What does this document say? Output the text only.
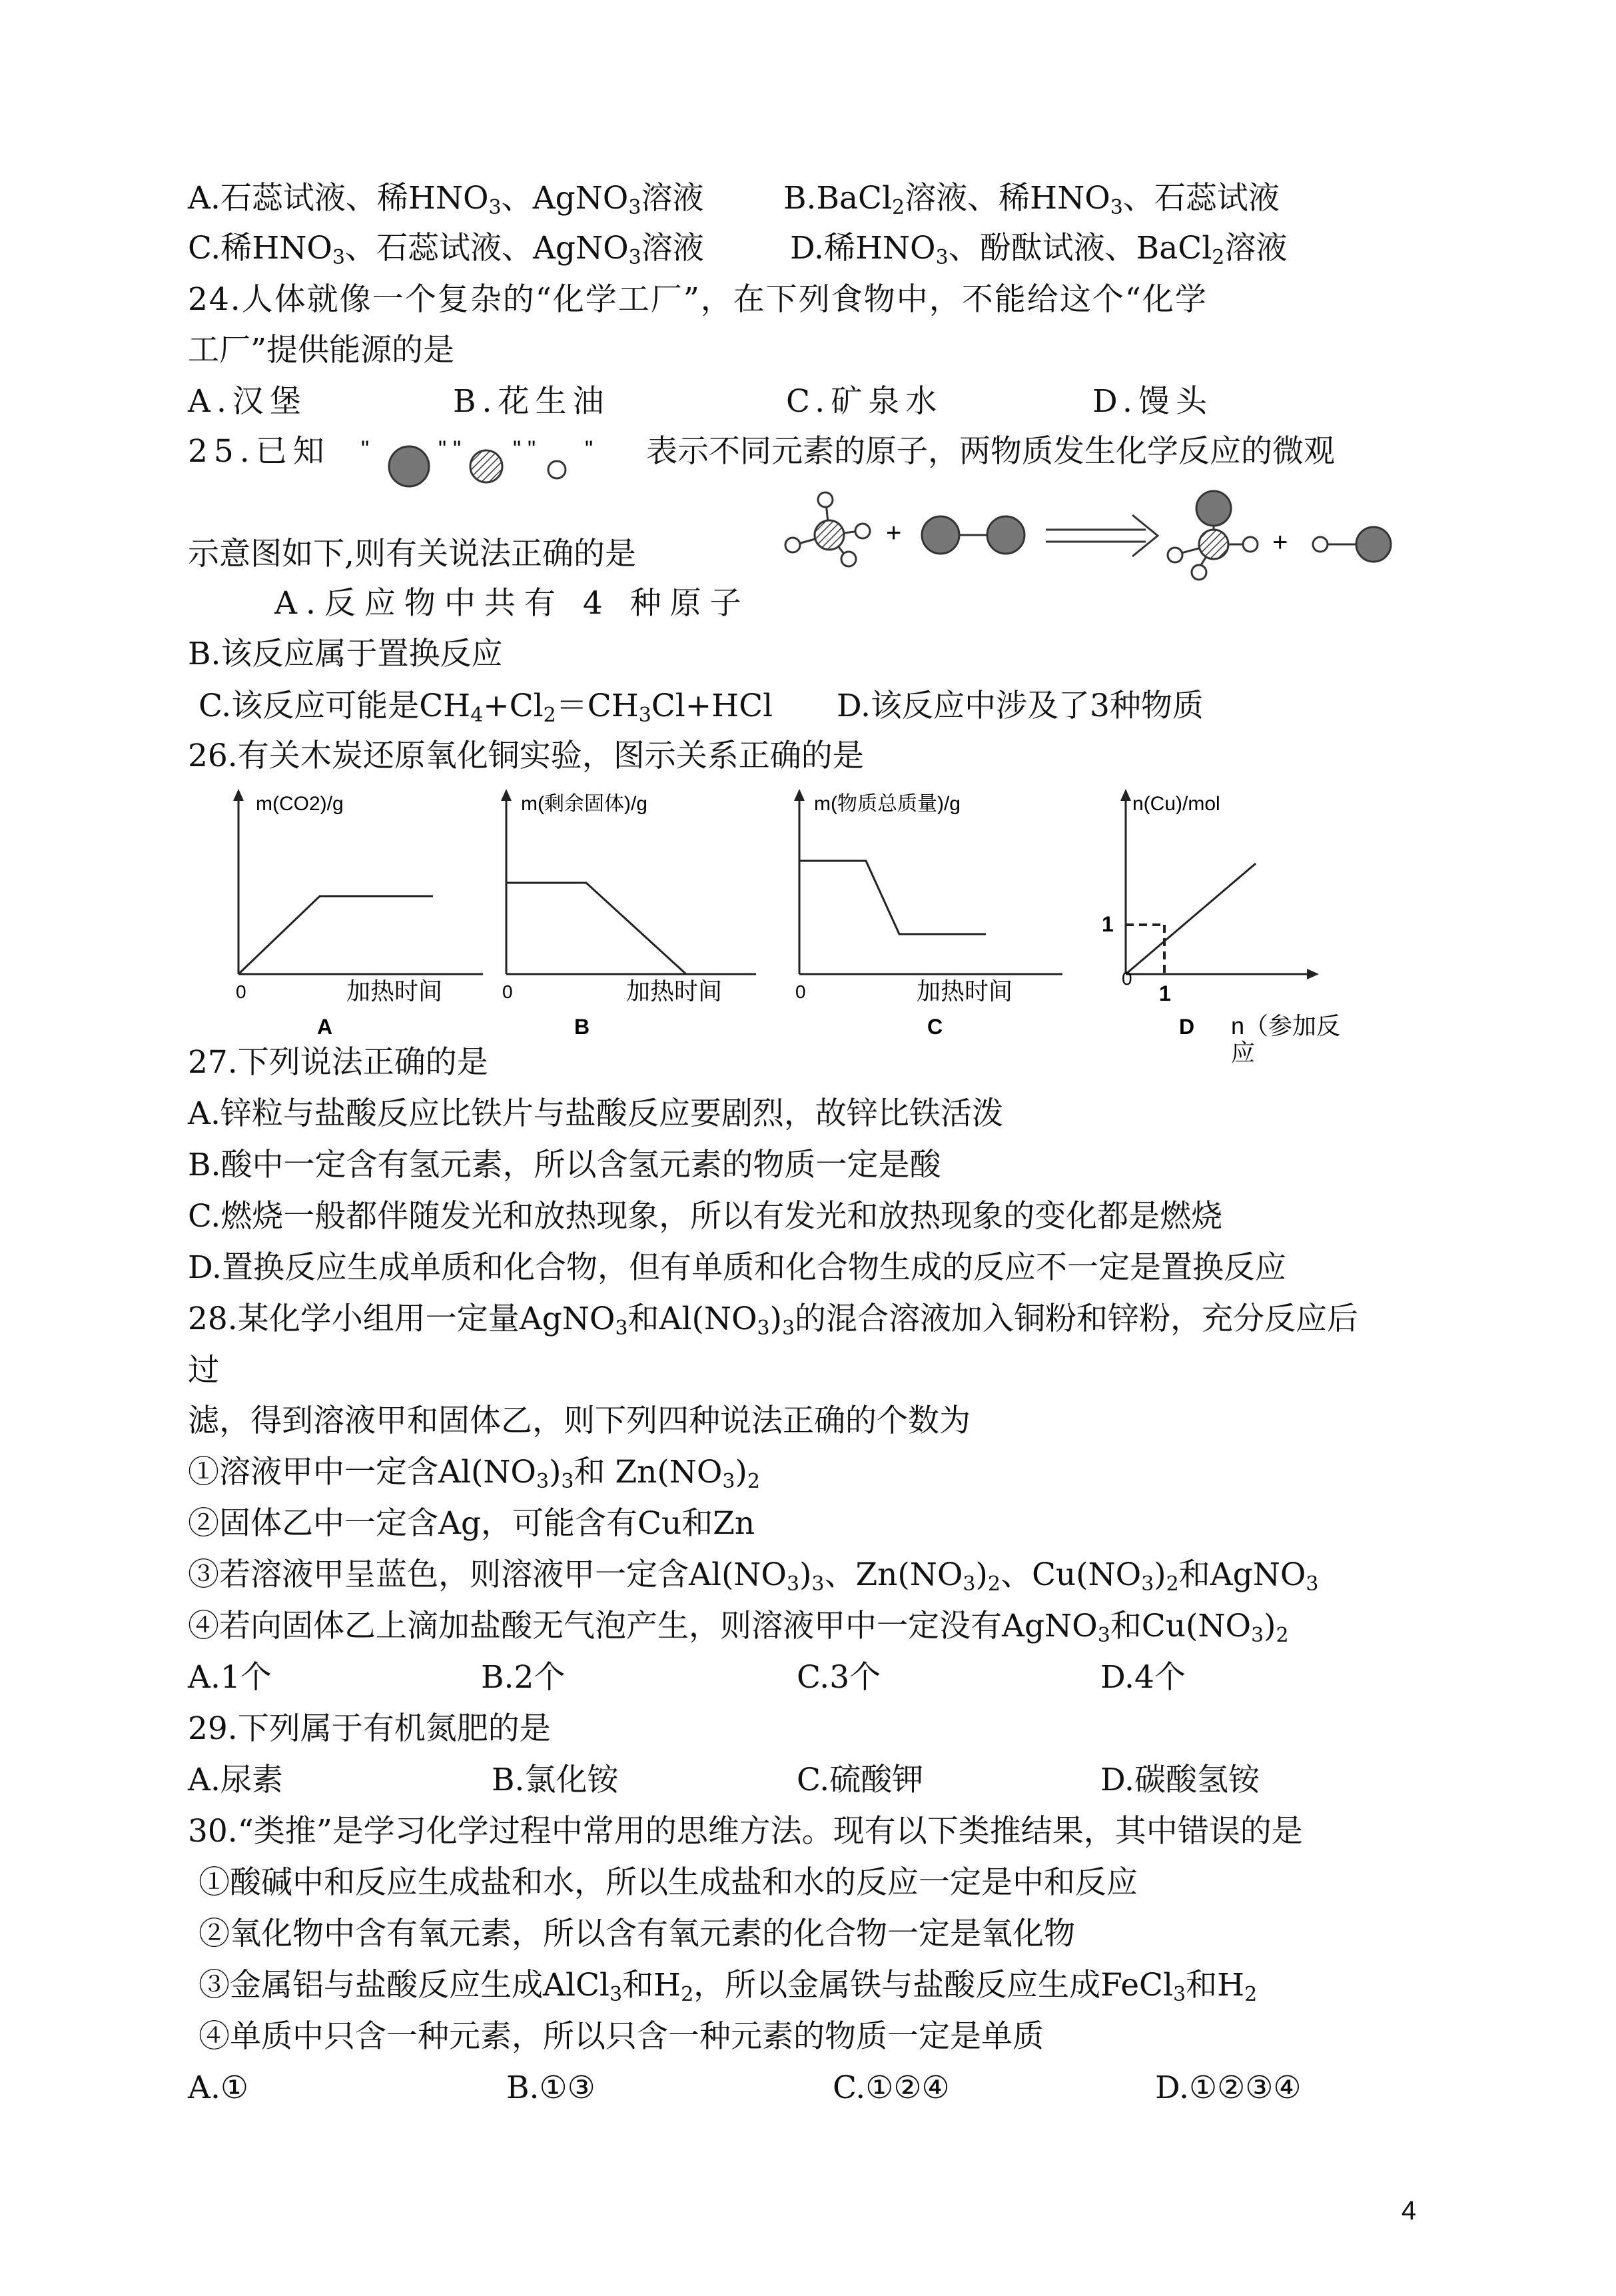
A.石蕊试液、稀$HNO_3$、AgNO$_3$溶液	B.BaCl$_2$溶液、稀$HNO_3$、石蕊试液
C.稀$HNO_3$、石蕊试液、AgNO$_3$溶液	D.稀$HNO_3$、酚酞试液、BaCl$_2$溶液
24.人体就像一个复杂的“化学工厂”，在下列食物中，不能给这个“化学
工厂”提供能源的是
A.汉堡	B.花生油	C.矿泉水	D.馒头
25.已知 "	" " " " " 表示不同元素的原子，两物质发生化学反应的微观
示意图如下,则有关说法正确的是
+	+
A.反应物中共有 4 种原子
B.该反应属于置换反应
C.该反应可能是$CH_4+Cl_2=CH_3Cl+HCl$ D.该反应中涉及了3种物质
26.有关木炭还原氧化铜实验，图示关系正确的是
m(CO2)/g
0	加热时间
A
m(剩余固体)/g
0	加热时间
B
m(物质总质量)/g
0	加热时间
C
n(Cu)/mol
1
0
1
D n（参加反
应
27.下列说法正确的是
A.锌粒与盐酸反应比铁片与盐酸反应要剧烈，故锌比铁活泼
B.酸中一定含有氢元素，所以含氢元素的物质一定是酸
C.燃烧一般都伴随发光和放热现象，所以有发光和放热现象的变化都是燃烧
D.置换反应生成单质和化合物，但有单质和化合物生成的反应不一定是置换反应
28.某化学小组用一定量AgNO$_3$和$Al(NO_3)_3$的混合溶液加入铜粉和锌粉，充分反应后
过
滤，得到溶液甲和固体乙，则下列四种说法正确的个数为
①溶液甲中一定含$Al(NO_3)_3$和 $Zn(NO_3)_2$
②固体乙中一定含Ag，可能含有Cu和Zn
③若溶液甲呈蓝色，则溶液甲一定含$Al(NO_3)_3$、$Zn(NO_3)_2$、$Cu(NO_3)_2$和AgNO$_3$
④若向固体乙上滴加盐酸无气泡产生，则溶液甲中一定没有AgNO$_3$和$Cu(NO_3)_2$
A.1个	B.2个	C.3个	D.4个
29.下列属于有机氮肥的是
A.尿素	B.氯化铵	C.硫酸钾	D.碳酸氢铵
30.“类推”是学习化学过程中常用的思维方法。现有以下类推结果，其中错误的是
①酸碱中和反应生成盐和水，所以生成盐和水的反应一定是中和反应
②氧化物中含有氧元素，所以含有氧元素的化合物一定是氧化物
③金属铝与盐酸反应生成AlCl$_3$和$H_2$，所以金属铁与盐酸反应生成FeCl$_3$和$H_2$
④单质中只含一种元素，所以只含一种元素的物质一定是单质
A.①	B.①③	C.①②④	D.①②③④
4
